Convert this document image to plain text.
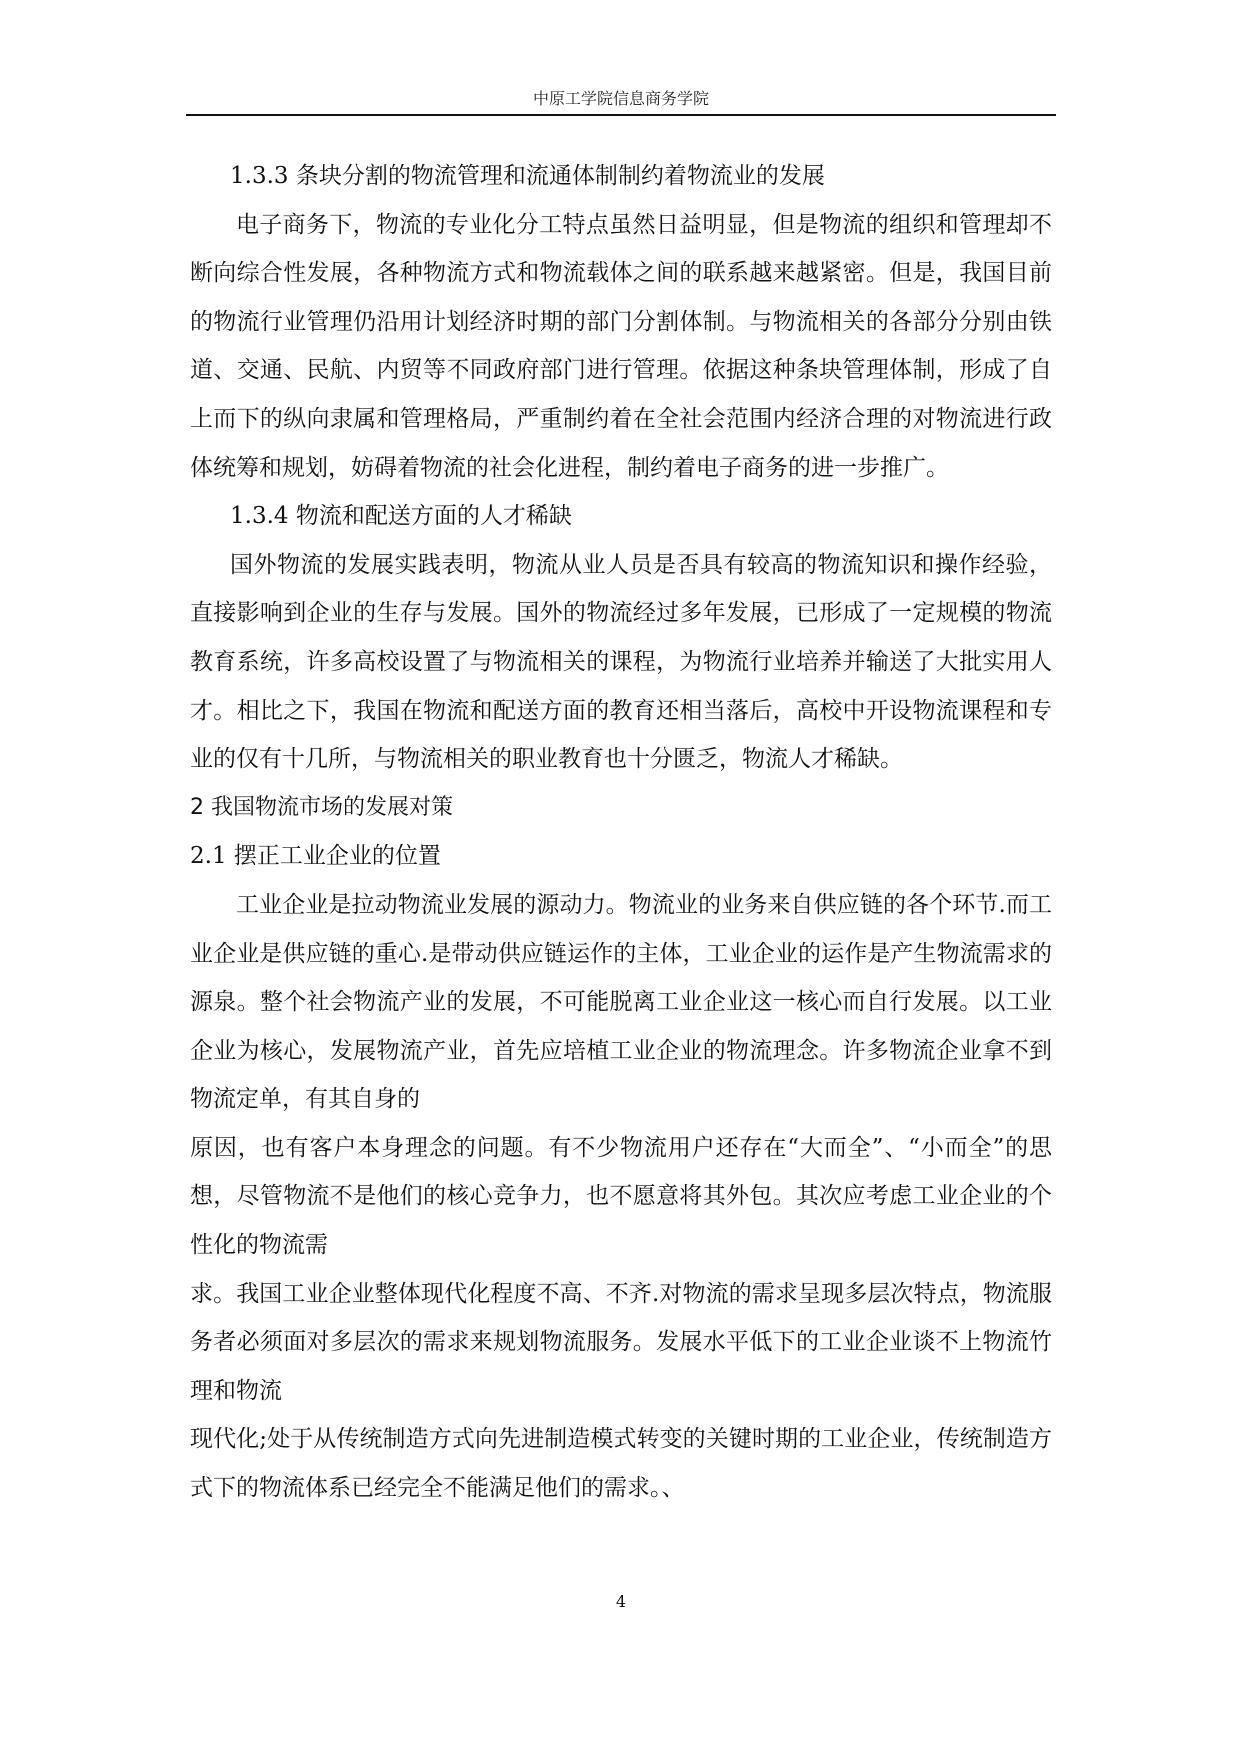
中原工学院信息商务学院

1.3.3 条块分割的物流管理和流通体制制约着物流业的发展

电子商务下，物流的专业化分工特点虽然日益明显，但是物流的组织和管理却不断向综合性发展，各种物流方式和物流载体之间的联系越来越紧密。但是，我国目前的物流行业管理仍沿用计划经济时期的部门分割体制。与物流相关的各部分分别由铁道、交通、民航、内贸等不同政府部门进行管理。依据这种条块管理体制，形成了自上而下的纵向隶属和管理格局，严重制约着在全社会范围内经济合理的对物流进行政体统筹和规划，妨碍着物流的社会化进程，制约着电子商务的进一步推广。

1.3.4 物流和配送方面的人才稀缺

国外物流的发展实践表明，物流从业人员是否具有较高的物流知识和操作经验，直接影响到企业的生存与发展。国外的物流经过多年发展，已形成了一定规模的物流教育系统，许多高校设置了与物流相关的课程，为物流行业培养并输送了大批实用人才。相比之下，我国在物流和配送方面的教育还相当落后，高校中开设物流课程和专业的仅有十几所，与物流相关的职业教育也十分匮乏，物流人才稀缺。

2 我国物流市场的发展对策

2.1 摆正工业企业的位置

工业企业是拉动物流业发展的源动力。物流业的业务来自供应链的各个环节.而工业企业是供应链的重心.是带动供应链运作的主体，工业企业的运作是产生物流需求的源泉。整个社会物流产业的发展，不可能脱离工业企业这一核心而自行发展。以工业企业为核心，发展物流产业，首先应培植工业企业的物流理念。许多物流企业拿不到物流定单，有其自身的

原因，也有客户本身理念的问题。有不少物流用户还存在“大而全”、“小而全”的思想，尽管物流不是他们的核心竞争力，也不愿意将其外包。其次应考虑工业企业的个性化的物流需

求。我国工业企业整体现代化程度不高、不齐.对物流的需求呈现多层次特点，物流服务者必须面对多层次的需求来规划物流服务。发展水平低下的工业企业谈不上物流竹理和物流

现代化;处于从传统制造方式向先进制造模式转变的关键时期的工业企业，传统制造方式下的物流体系已经完全不能满足他们的需求。、

4
